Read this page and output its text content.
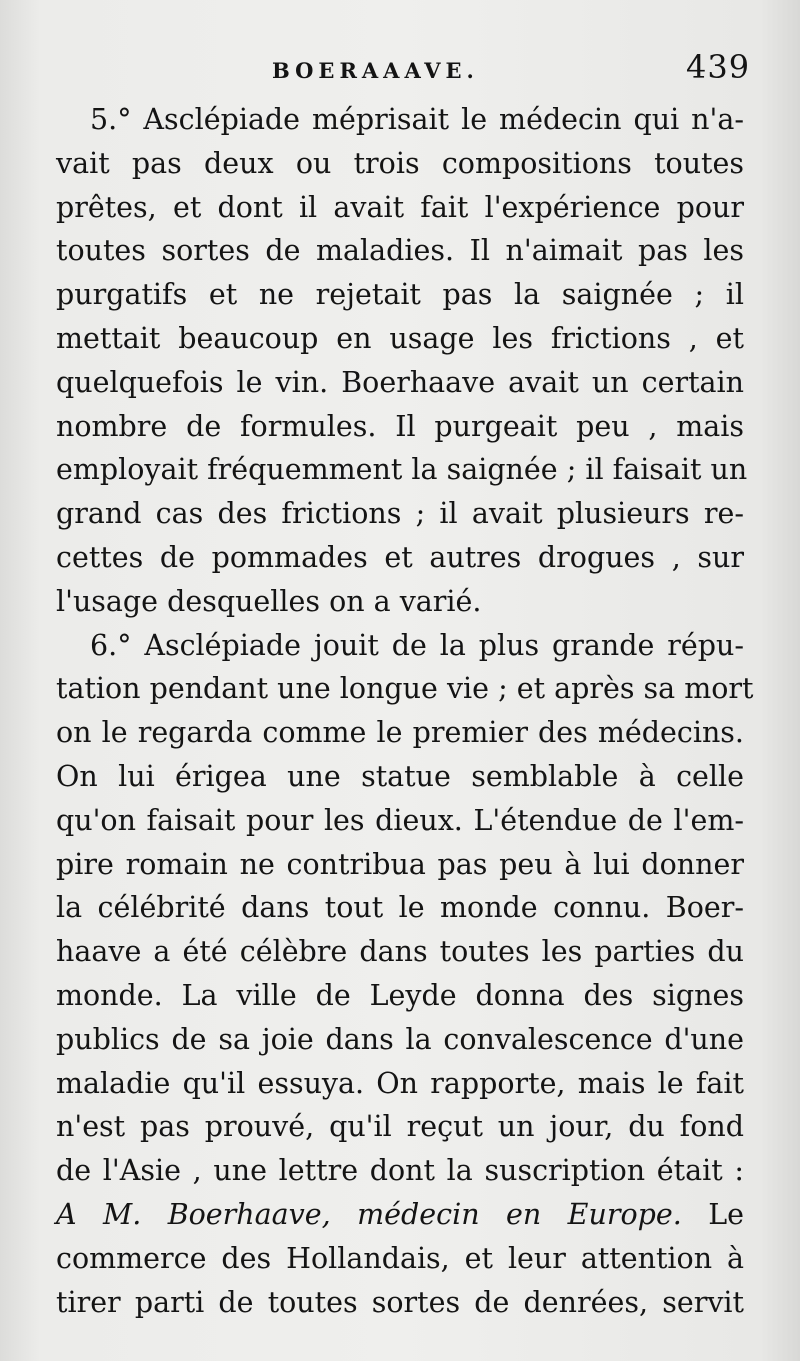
BOERAAAVE.	439
5.° Asclépiade méprisait le médecin qui n'a-
vait pas deux ou trois compositions toutes
prêtes, et dont il avait fait l'expérience pour
toutes sortes de maladies. Il n'aimait pas les
purgatifs et ne rejetait pas la saignée ; il
mettait beaucoup en usage les frictions , et
quelquefois le vin. Boerhaave avait un certain
nombre de formules. Il purgeait peu , mais
employait fréquemment la saignée ; il faisait un
grand cas des frictions ; il avait plusieurs re-
cettes de pommades et autres drogues , sur
l'usage desquelles on a varié.
6.° Asclépiade jouit de la plus grande répu-
tation pendant une longue vie ; et après sa mort
on le regarda comme le premier des médecins.
On lui érigea une statue semblable à celle
qu'on faisait pour les dieux. L'étendue de l'em-
pire romain ne contribua pas peu à lui donner
la célébrité dans tout le monde connu. Boer-
haave a été célèbre dans toutes les parties du
monde. La ville de Leyde donna des signes
publics de sa joie dans la convalescence d'une
maladie qu'il essuya. On rapporte, mais le fait
n'est pas prouvé, qu'il reçut un jour, du fond
de l'Asie , une lettre dont la suscription était :
A M. Boerhaave, médecin en Europe. Le
commerce des Hollandais, et leur attention à
tirer parti de toutes sortes de denrées, servit
